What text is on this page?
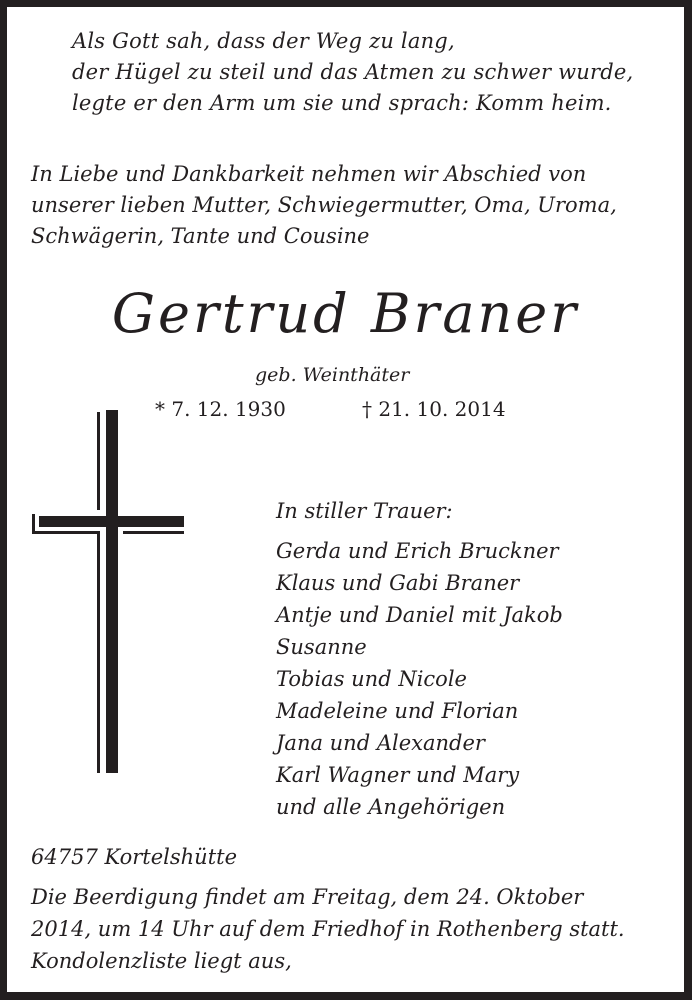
Als Gott sah, dass der Weg zu lang,

der Hügel zu steil und das Atmen zu schwer wurde,

legte er den Arm um sie und sprach: Komm heim.

In Liebe und Dankbarkeit nehmen wir Abschied von

unserer lieben Mutter, Schwiegermutter, Oma, Uroma,

Schwägerin, Tante und Cousine

Gertrud Braner

geb. Weinthäter

* 7. 12. 1930	† 21. 10. 2014

In stiller Trauer:

Gerda und Erich Bruckner

Klaus und Gabi Braner

Antje und Daniel mit Jakob

Susanne

Tobias und Nicole

Madeleine und Florian

Jana und Alexander

Karl Wagner und Mary

und alle Angehörigen

64757 Kortelshütte

Die Beerdigung findet am Freitag, dem 24. Oktober

2014, um 14 Uhr auf dem Friedhof in Rothenberg statt.

Kondolenzliste liegt aus,
